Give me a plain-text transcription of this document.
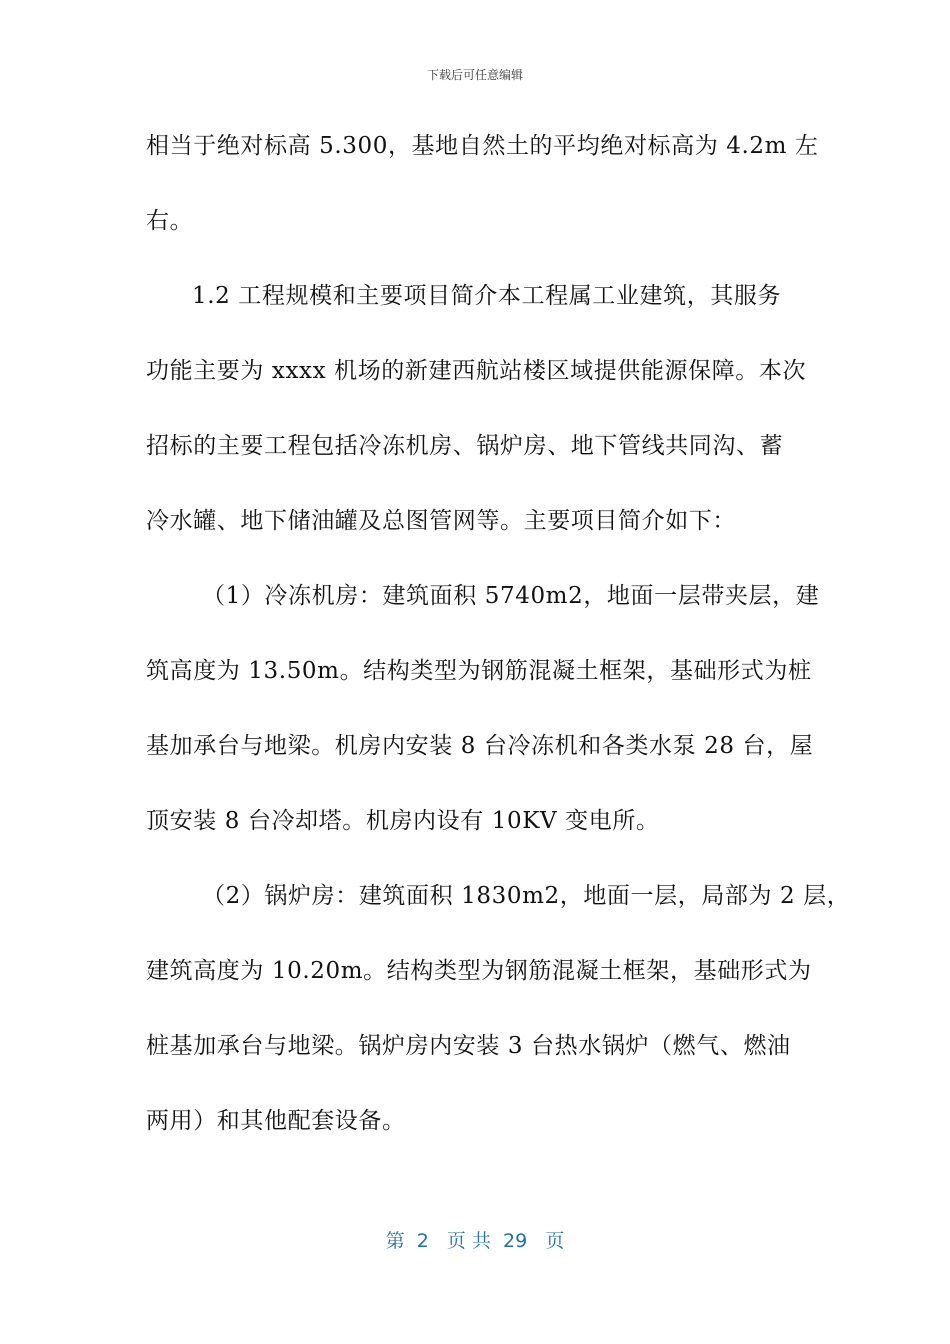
下载后可任意编辑
相当于绝对标高 5.300，基地自然土的平均绝对标高为 4.2m 左
右。
1.2 工程规模和主要项目简介本工程属工业建筑，其服务
功能主要为 xxxx 机场的新建西航站楼区域提供能源保障。本次
招标的主要工程包括冷冻机房、锅炉房、地下管线共同沟、蓄
冷水罐、地下储油罐及总图管网等。主要项目简介如下：
（1）冷冻机房：建筑面积 5740m2，地面一层带夹层，建
筑高度为 13.50m。结构类型为钢筋混凝土框架，基础形式为桩
基加承台与地梁。机房内安装 8 台冷冻机和各类水泵 28 台，屋
顶安装 8 台冷却塔。机房内设有 10KV 变电所。
（2）锅炉房：建筑面积 1830m2，地面一层，局部为 2 层，
建筑高度为 10.20m。结构类型为钢筋混凝土框架，基础形式为
桩基加承台与地梁。锅炉房内安装 3 台热水锅炉（燃气、燃油
两用）和其他配套设备。
第  2   页 共  29   页
